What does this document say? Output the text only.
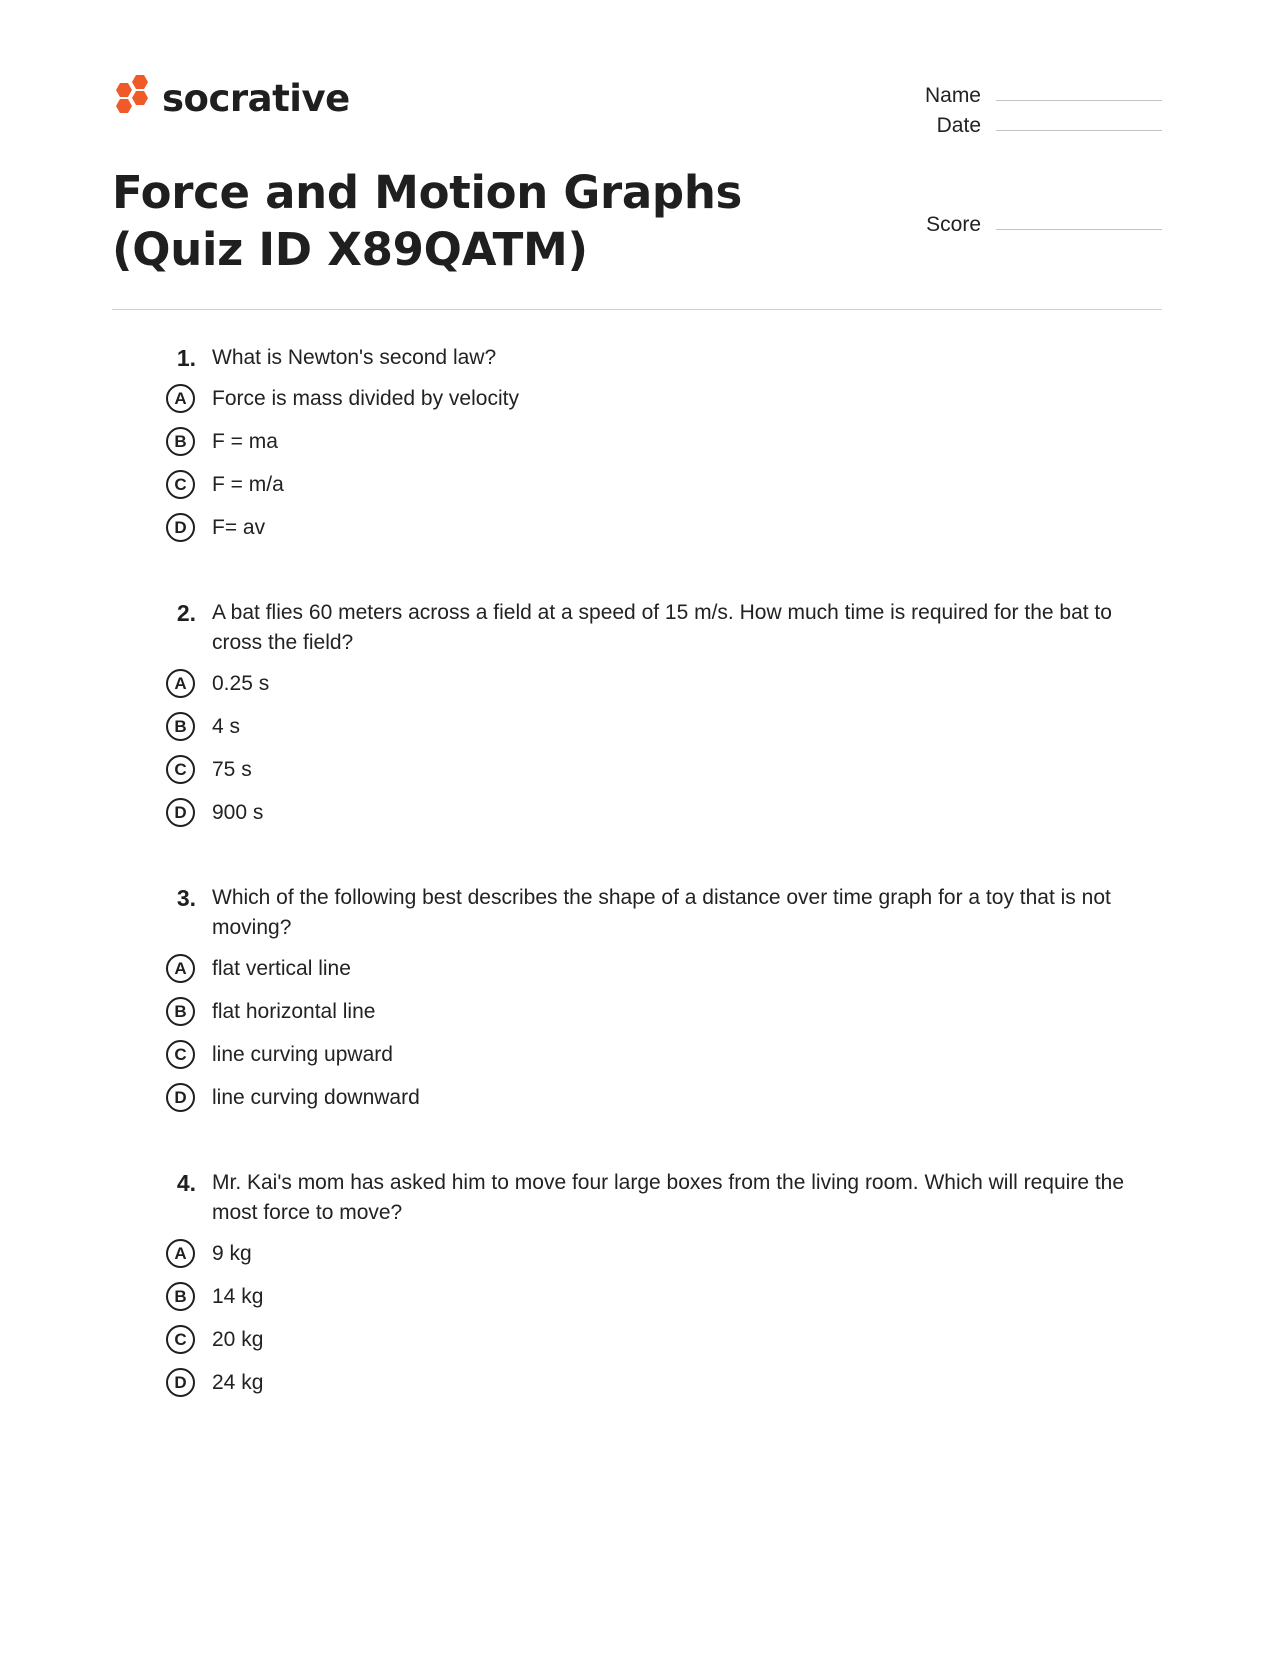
socrative	Name
Date
Score
Force and Motion Graphs (Quiz ID X89QATM)
1. What is Newton's second law?
A	Force is mass divided by velocity
B	F = ma
C	F = m/a
D	F= av
2. A bat flies 60 meters across a field at a speed of 15 m/s. How much time is required for the bat to cross the field?
A	0.25 s
B	4 s
C	75 s
D	900 s
3. Which of the following best describes the shape of a distance over time graph for a toy that is not moving?
A	flat vertical line
B	flat horizontal line
C	line curving upward
D	line curving downward
4. Mr. Kai's mom has asked him to move four large boxes from the living room. Which will require the most force to move?
A	9 kg
B	14 kg
C	20 kg
D	24 kg
